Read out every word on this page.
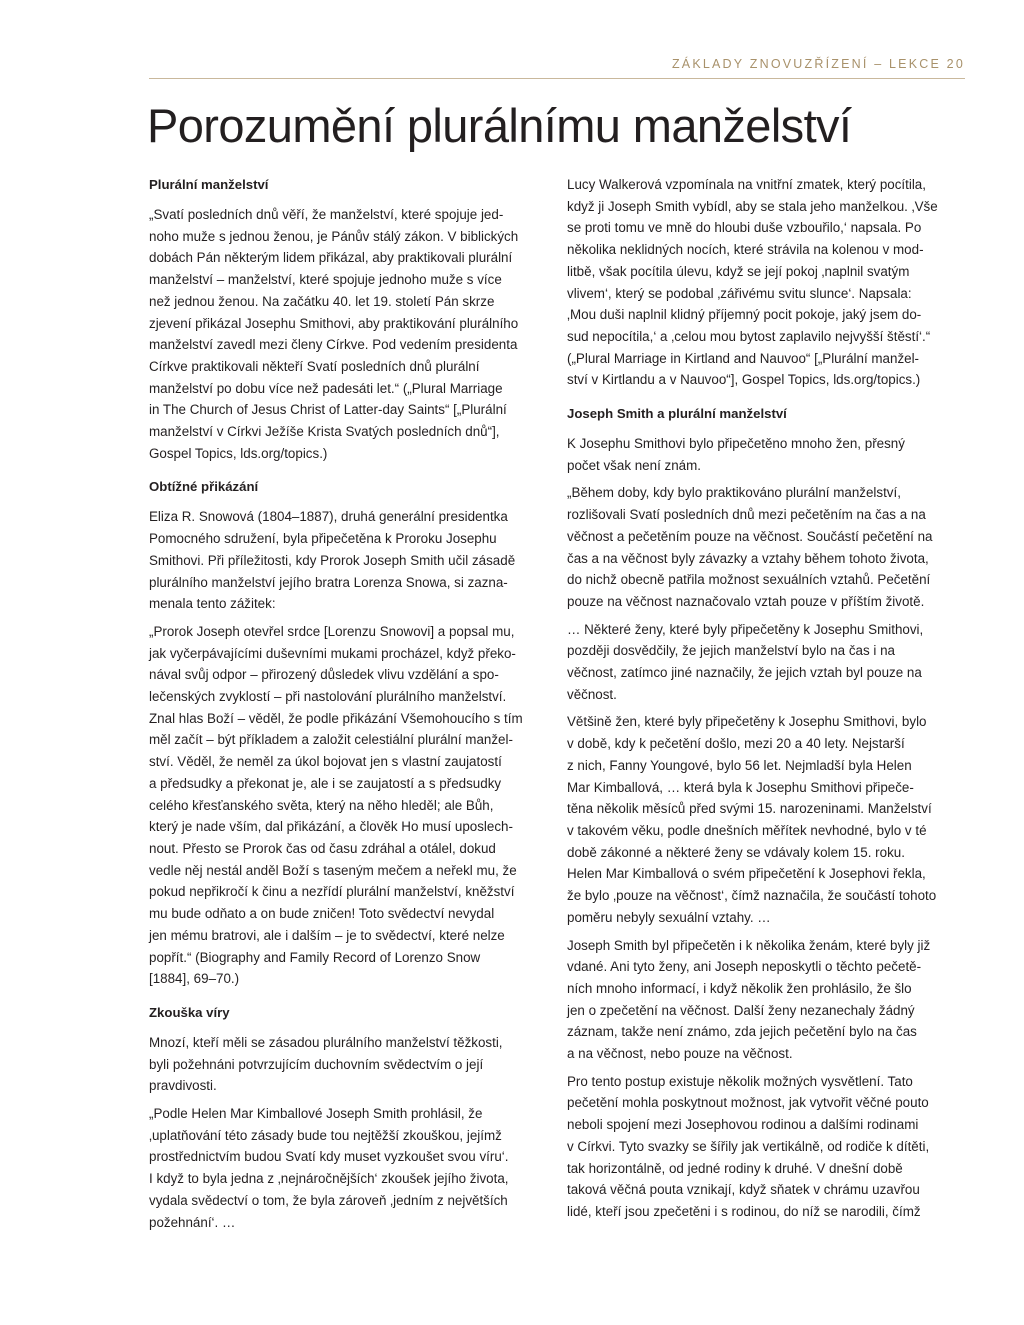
ZÁKLADY ZNOVUZŘÍZENÍ – LEKCE 20
Porozumění plurálnímu manželství
Plurální manželství

„Svatí posledních dnů věří, že manželství, které spojuje jed-
noho muže s jednou ženou, je Pánův stálý zákon. V biblických
dobách Pán některým lidem přikázal, aby praktikovali plurální
manželství – manželství, které spojuje jednoho muže s více
než jednou ženou. Na začátku 40. let 19. století Pán skrze
zjevení přikázal Josephu Smithovi, aby praktikování plurálního
manželství zavedl mezi členy Církve. Pod vedením presidenta
Církve praktikovali někteří Svatí posledních dnů plurální
manželství po dobu více než padesáti let.“ („Plural Marriage
in The Church of Jesus Christ of Latter-day Saints“ [„Plurální
manželství v Církvi Ježíše Krista Svatých posledních dnů“],
Gospel Topics, lds.org/topics.)

Obtížné přikázání

Eliza R. Snowová (1804–1887), druhá generální presidentka
Pomocného sdružení, byla připečetěna k Proroku Josephu
Smithovi. Při příležitosti, kdy Prorok Joseph Smith učil zásadě
plurálního manželství jejího bratra Lorenza Snowa, si zazna-
menala tento zážitek:

„Prorok Joseph otevřel srdce [Lorenzu Snowovi] a popsal mu,
jak vyčerpávajícími duševními mukami procházel, když překo-
nával svůj odpor – přirozený důsledek vlivu vzdělání a spo-
lečenských zvyklostí – při nastolování plurálního manželství.
Znal hlas Boží – věděl, že podle přikázání Všemohoucího s tím
měl začít – být příkladem a založit celestiální plurální manžel-
ství. Věděl, že neměl za úkol bojovat jen s vlastní zaujatostí
a předsudky a překonat je, ale i se zaujatostí a s předsudky
celého křesťanského světa, který na něho hleděl; ale Bůh,
který je nade vším, dal přikázání, a člověk Ho musí uposlech-
nout. Přesto se Prorok čas od času zdráhal a otálel, dokud
vedle něj nestál anděl Boží s taseným mečem a neřekl mu, že
pokud nepřikročí k činu a nezřídí plurální manželství, kněžství
mu bude odňato a on bude zničen! Toto svědectví nevydal
jen mému bratrovi, ale i dalším – je to svědectví, které nelze
popřít.“ (Biography and Family Record of Lorenzo Snow
[1884], 69–70.)

Zkouška víry

Mnozí, kteří měli se zásadou plurálního manželství těžkosti,
byli požehnáni potvrzujícím duchovním svědectvím o její
pravdivosti.

„Podle Helen Mar Kimballové Joseph Smith prohlásil, že
‚uplatňování této zásady bude tou nejtěžší zkouškou, jejímž
prostřednictvím budou Svatí kdy muset vyzkoušet svou víru‘.
I když to byla jedna z ‚nejnáročnějších‘ zkoušek jejího života,
vydala svědectví o tom, že byla zároveň ‚jedním z největších
požehnání‘. …

Lucy Walkerová vzpomínala na vnitřní zmatek, který pocítila,
když ji Joseph Smith vybídl, aby se stala jeho manželkou. ‚Vše
se proti tomu ve mně do hloubi duše vzbouřilo,‘ napsala. Po
několika neklidných nocích, které strávila na kolenou v mod-
litbě, však pocítila úlevu, když se její pokoj ‚naplnil svatým
vlivem‘, který se podobal ‚zářivému svitu slunce‘. Napsala:
‚Mou duši naplnil klidný příjemný pocit pokoje, jaký jsem do-
sud nepocítila,‘ a ‚celou mou bytost zaplavilo nejvyšší štěstí‘.“
(„Plural Marriage in Kirtland and Nauvoo“ [„Plurální manžel-
ství v Kirtlandu a v Nauvoo“], Gospel Topics, lds.org/topics.)

Joseph Smith a plurální manželství

K Josephu Smithovi bylo připečetěno mnoho žen, přesný
počet však není znám.

„Během doby, kdy bylo praktikováno plurální manželství,
rozlišovali Svatí posledních dnů mezi pečetěním na čas a na
věčnost a pečetěním pouze na věčnost. Součástí pečetění na
čas a na věčnost byly závazky a vztahy během tohoto života,
do nichž obecně patřila možnost sexuálních vztahů. Pečetění
pouze na věčnost naznačovalo vztah pouze v příštím životě.

… Některé ženy, které byly připečetěny k Josephu Smithovi,
později dosvědčily, že jejich manželství bylo na čas i na
věčnost, zatímco jiné naznačily, že jejich vztah byl pouze na
věčnost.

Většině žen, které byly připečetěny k Josephu Smithovi, bylo
v době, kdy k pečetění došlo, mezi 20 a 40 lety. Nejstarší
z nich, Fanny Youngové, bylo 56 let. Nejmladší byla Helen
Mar Kimballová, … která byla k Josephu Smithovi připeče-
těna několik měsíců před svými 15. narozeninami. Manželství
v takovém věku, podle dnešních měřítek nevhodné, bylo v té
době zákonné a některé ženy se vdávaly kolem 15. roku.
Helen Mar Kimballová o svém připečetění k Josephovi řekla,
že bylo ‚pouze na věčnost‘, čímž naznačila, že součástí tohoto
poměru nebyly sexuální vztahy. …

Joseph Smith byl připečetěn i k několika ženám, které byly již
vdané. Ani tyto ženy, ani Joseph neposkytli o těchto pečetě-
ních mnoho informací, i když několik žen prohlásilo, že šlo
jen o zpečetění na věčnost. Další ženy nezanechaly žádný
záznam, takže není známo, zda jejich pečetění bylo na čas
a na věčnost, nebo pouze na věčnost.

Pro tento postup existuje několik možných vysvětlení. Tato
pečetění mohla poskytnout možnost, jak vytvořit věčné pouto
neboli spojení mezi Josephovou rodinou a dalšími rodinami
v Církvi. Tyto svazky se šířily jak vertikálně, od rodiče k dítěti,
tak horizontálně, od jedné rodiny k druhé. V dnešní době
taková věčná pouta vznikají, když sňatek v chrámu uzavřou
lidé, kteří jsou zpečetěni i s rodinou, do níž se narodili, čímž
